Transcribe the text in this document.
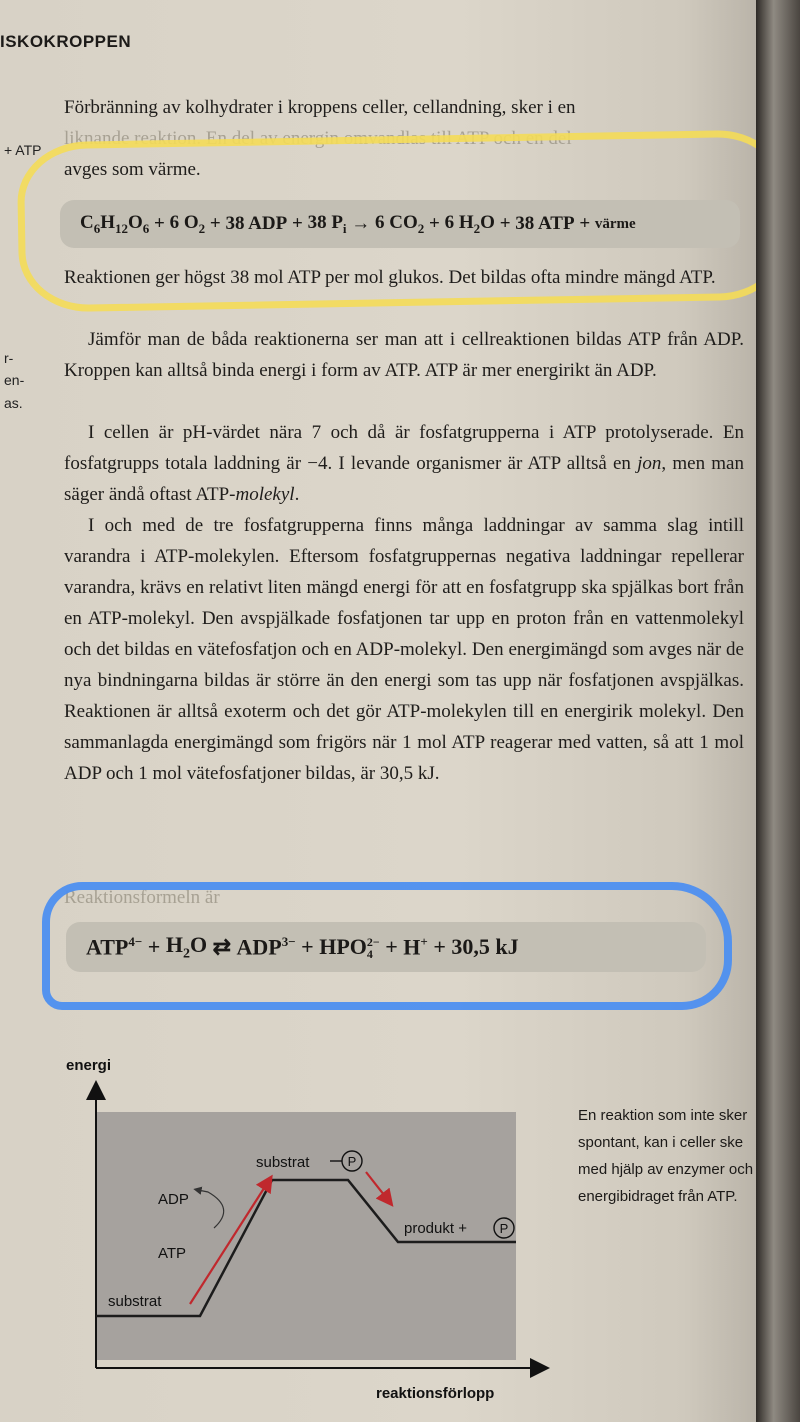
ISKOKROPPEN
+ ATP
r-
en-
as.

Förbränning av kolhydrater i kroppens celler, cellandning, sker i en

liknande reaktion. En del av energin omvandlas till ATP och en del

avges som värme.

$C_6H_{12}O_6 + 6$ $O_2 + 38$ ADP + 38 $P_i \to 6$ $CO_2 + 6$ $H_2O + 38$ ATP + värme

Reaktionen ger högst 38 mol ATP per mol glukos. Det bildas ofta mindre mängd ATP.

Jämför man de båda reaktionerna ser man att i cellreaktionen bildas ATP från ADP. Kroppen kan alltså binda energi i form av ATP. ATP är mer energirikt än ADP.

I cellen är pH-värdet nära 7 och då är fosfatgrupperna i ATP protolyserade. En fosfatgrupps totala laddning är −4. I levande organismer är ATP alltså en jon, men man säger ändå oftast ATP-molekyl.

I och med de tre fosfatgrupperna finns många laddningar av samma slag intill varandra i ATP-molekylen. Eftersom fosfatgruppernas negativa laddningar repellerar varandra, krävs en relativt liten mängd energi för att en fosfatgrupp ska spjälkas bort från en ATP-molekyl. Den avspjälkade fosfatjonen tar upp en proton från en vattenmolekyl och det bildas en vätefosfatjon och en ADP-molekyl. Den energimängd som avges när de nya bindningarna bildas är större än den energi som tas upp när fosfatjonen avspjälkas. Reaktionen är alltså exoterm och det gör ATP-molekylen till en energirik molekyl. Den sammanlagda energimängd som frigörs när 1 mol ATP reagerar med vatten, så att 1 mol ADP och 1 mol vätefosfatjoner bildas, är 30,5 kJ.

Reaktionsformeln är

$ATP^{4-} + H_2O$ ⇄ $ADP^{3-}$ + HPO 2−
4 + H+ + 30,5 kJ
energi
reaktionsförlopp
substrat
substrat	P
ADP
ATP
produkt +	P
En reaktion som inte sker spontant, kan i celler ske med hjälp av enzymer och energibidraget från ATP.
